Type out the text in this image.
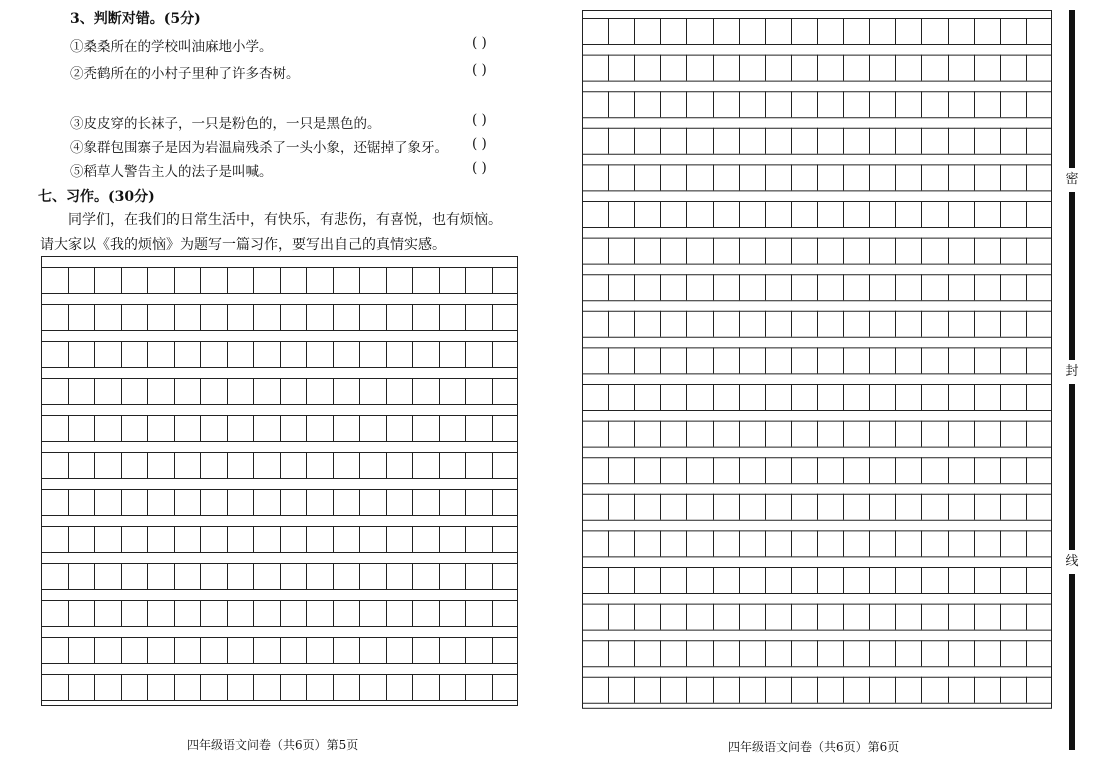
3、判断对错。(5分)
①桑桑所在的学校叫油麻地小学。	( )
②秃鹤所在的小村子里种了许多杏树。	( )
③皮皮穿的长袜子，一只是粉色的，一只是黑色的。	( )
④象群包围寨子是因为岩温扁残杀了一头小象，还锯掉了象牙。 ( )
⑤稻草人警告主人的法子是叫喊。	( )
七、习作。(30分)
同学们，在我们的日常生活中，有快乐，有悲伤，有喜悦，也有烦恼。
请大家以《我的烦恼》为题写一篇习作，要写出自己的真情实感。
四年级语文问卷（共6页）第5页	四年级语文问卷（共6页）第6页
密
封
线
